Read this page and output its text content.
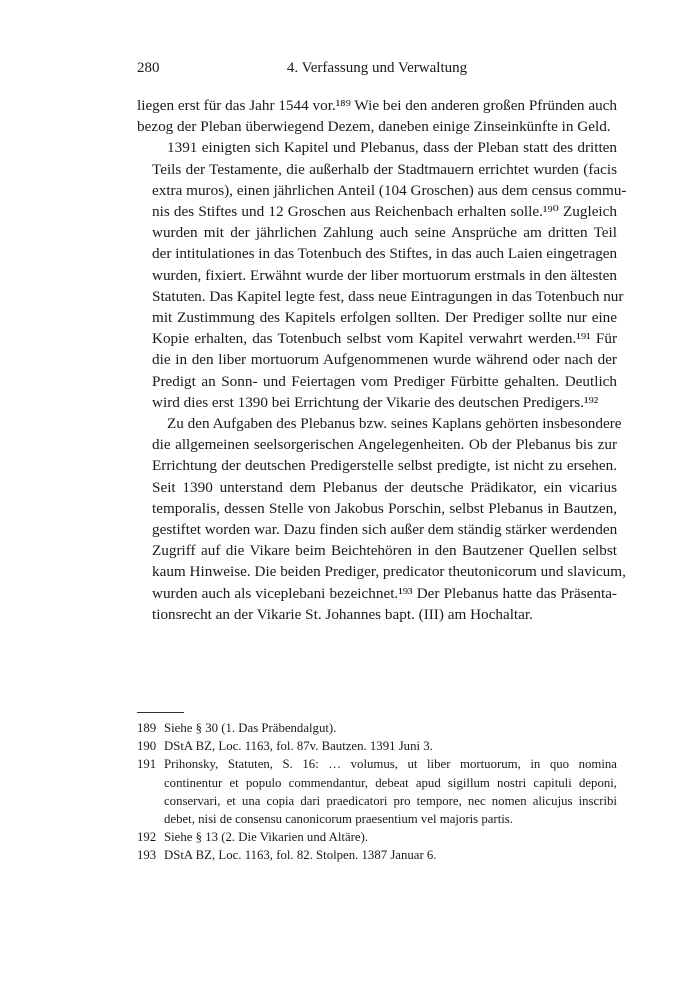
280	4. Verfassung und Verwaltung

liegen erst für das Jahr 1544 vor.¹⁸⁹ Wie bei den anderen großen Pfründen auch
bezog der Pleban überwiegend Dezem, daneben einige Zinseinkünfte in Geld.

1391 einigten sich Kapitel und Plebanus, dass der Pleban statt des dritten
Teils der Testamente, die außerhalb der Stadtmauern errichtet wurden (facis
extra muros), einen jährlichen Anteil (104 Groschen) aus dem census commu-
nis des Stiftes und 12 Groschen aus Reichenbach erhalten solle.¹⁹⁰ Zugleich
wurden mit der jährlichen Zahlung auch seine Ansprüche am dritten Teil
der intitulationes in das Totenbuch des Stiftes, in das auch Laien eingetragen
wurden, fixiert. Erwähnt wurde der liber mortuorum erstmals in den ältesten
Statuten. Das Kapitel legte fest, dass neue Eintragungen in das Totenbuch nur
mit Zustimmung des Kapitels erfolgen sollten. Der Prediger sollte nur eine
Kopie erhalten, das Totenbuch selbst vom Kapitel verwahrt werden.¹⁹¹ Für
die in den liber mortuorum Aufgenommenen wurde während oder nach der
Predigt an Sonn- und Feiertagen vom Prediger Fürbitte gehalten. Deutlich
wird dies erst 1390 bei Errichtung der Vikarie des deutschen Predigers.¹⁹²

Zu den Aufgaben des Plebanus bzw. seines Kaplans gehörten insbesondere
die allgemeinen seelsorgerischen Angelegenheiten. Ob der Plebanus bis zur
Errichtung der deutschen Predigerstelle selbst predigte, ist nicht zu ersehen.
Seit 1390 unterstand dem Plebanus der deutsche Prädikator, ein vicarius
temporalis, dessen Stelle von Jakobus Porschin, selbst Plebanus in Bautzen,
gestiftet worden war. Dazu finden sich außer dem ständig stärker werdenden
Zugriff auf die Vikare beim Beichtehören in den Bautzener Quellen selbst
kaum Hinweise. Die beiden Prediger, predicator theutonicorum und slavicum,
wurden auch als viceplebani bezeichnet.¹⁹³ Der Plebanus hatte das Präsenta-
tionsrecht an der Vikarie St. Johannes bapt. (III) am Hochaltar.

189 Siehe § 30 (1. Das Präbendalgut).
190 DStA BZ, Loc. 1163, fol. 87v. Bautzen. 1391 Juni 3.
191 Prihonsky, Statuten, S. 16: … volumus, ut liber mortuorum, in quo nomina
continentur et populo commendantur, debeat apud sigillum nostri capituli deponi,
conservari, et una copia dari praedicatori pro tempore, nec nomen alicujus inscribi
debet, nisi de consensu canonicorum praesentium vel majoris partis.
192 Siehe § 13 (2. Die Vikarien und Altäre).
193 DStA BZ, Loc. 1163, fol. 82. Stolpen. 1387 Januar 6.
